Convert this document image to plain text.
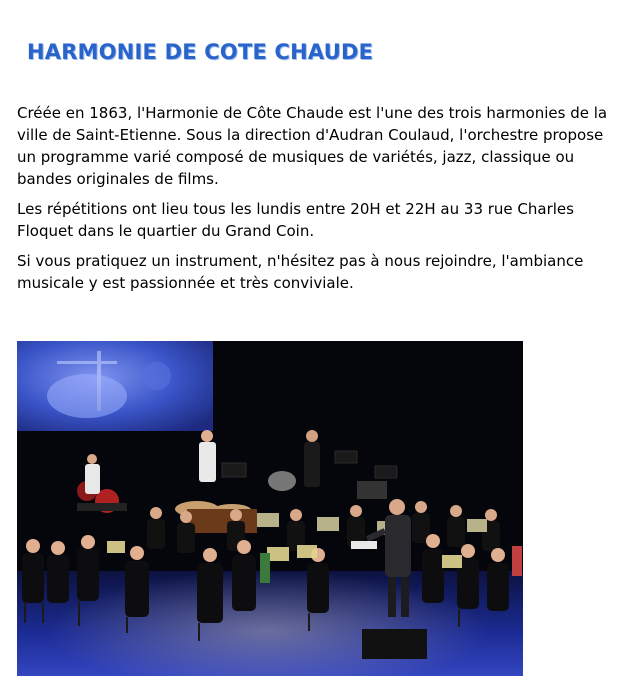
HARMONIE DE COTE CHAUDE

Créée en 1863, l'Harmonie de Côte Chaude est l'une des trois harmonies de la ville de Saint-Etienne. Sous la direction d'Audran Coulaud, l'orchestre propose un programme varié composé de musiques de variétés, jazz, classique ou bandes originales de films.

Les répétitions ont lieu tous les lundis entre 20H et 22H au 33 rue Charles Floquet dans le quartier du Grand Coin.

Si vous pratiquez un instrument, n'hésitez pas à nous rejoindre, l'ambiance musicale y est passionnée et très conviviale.
